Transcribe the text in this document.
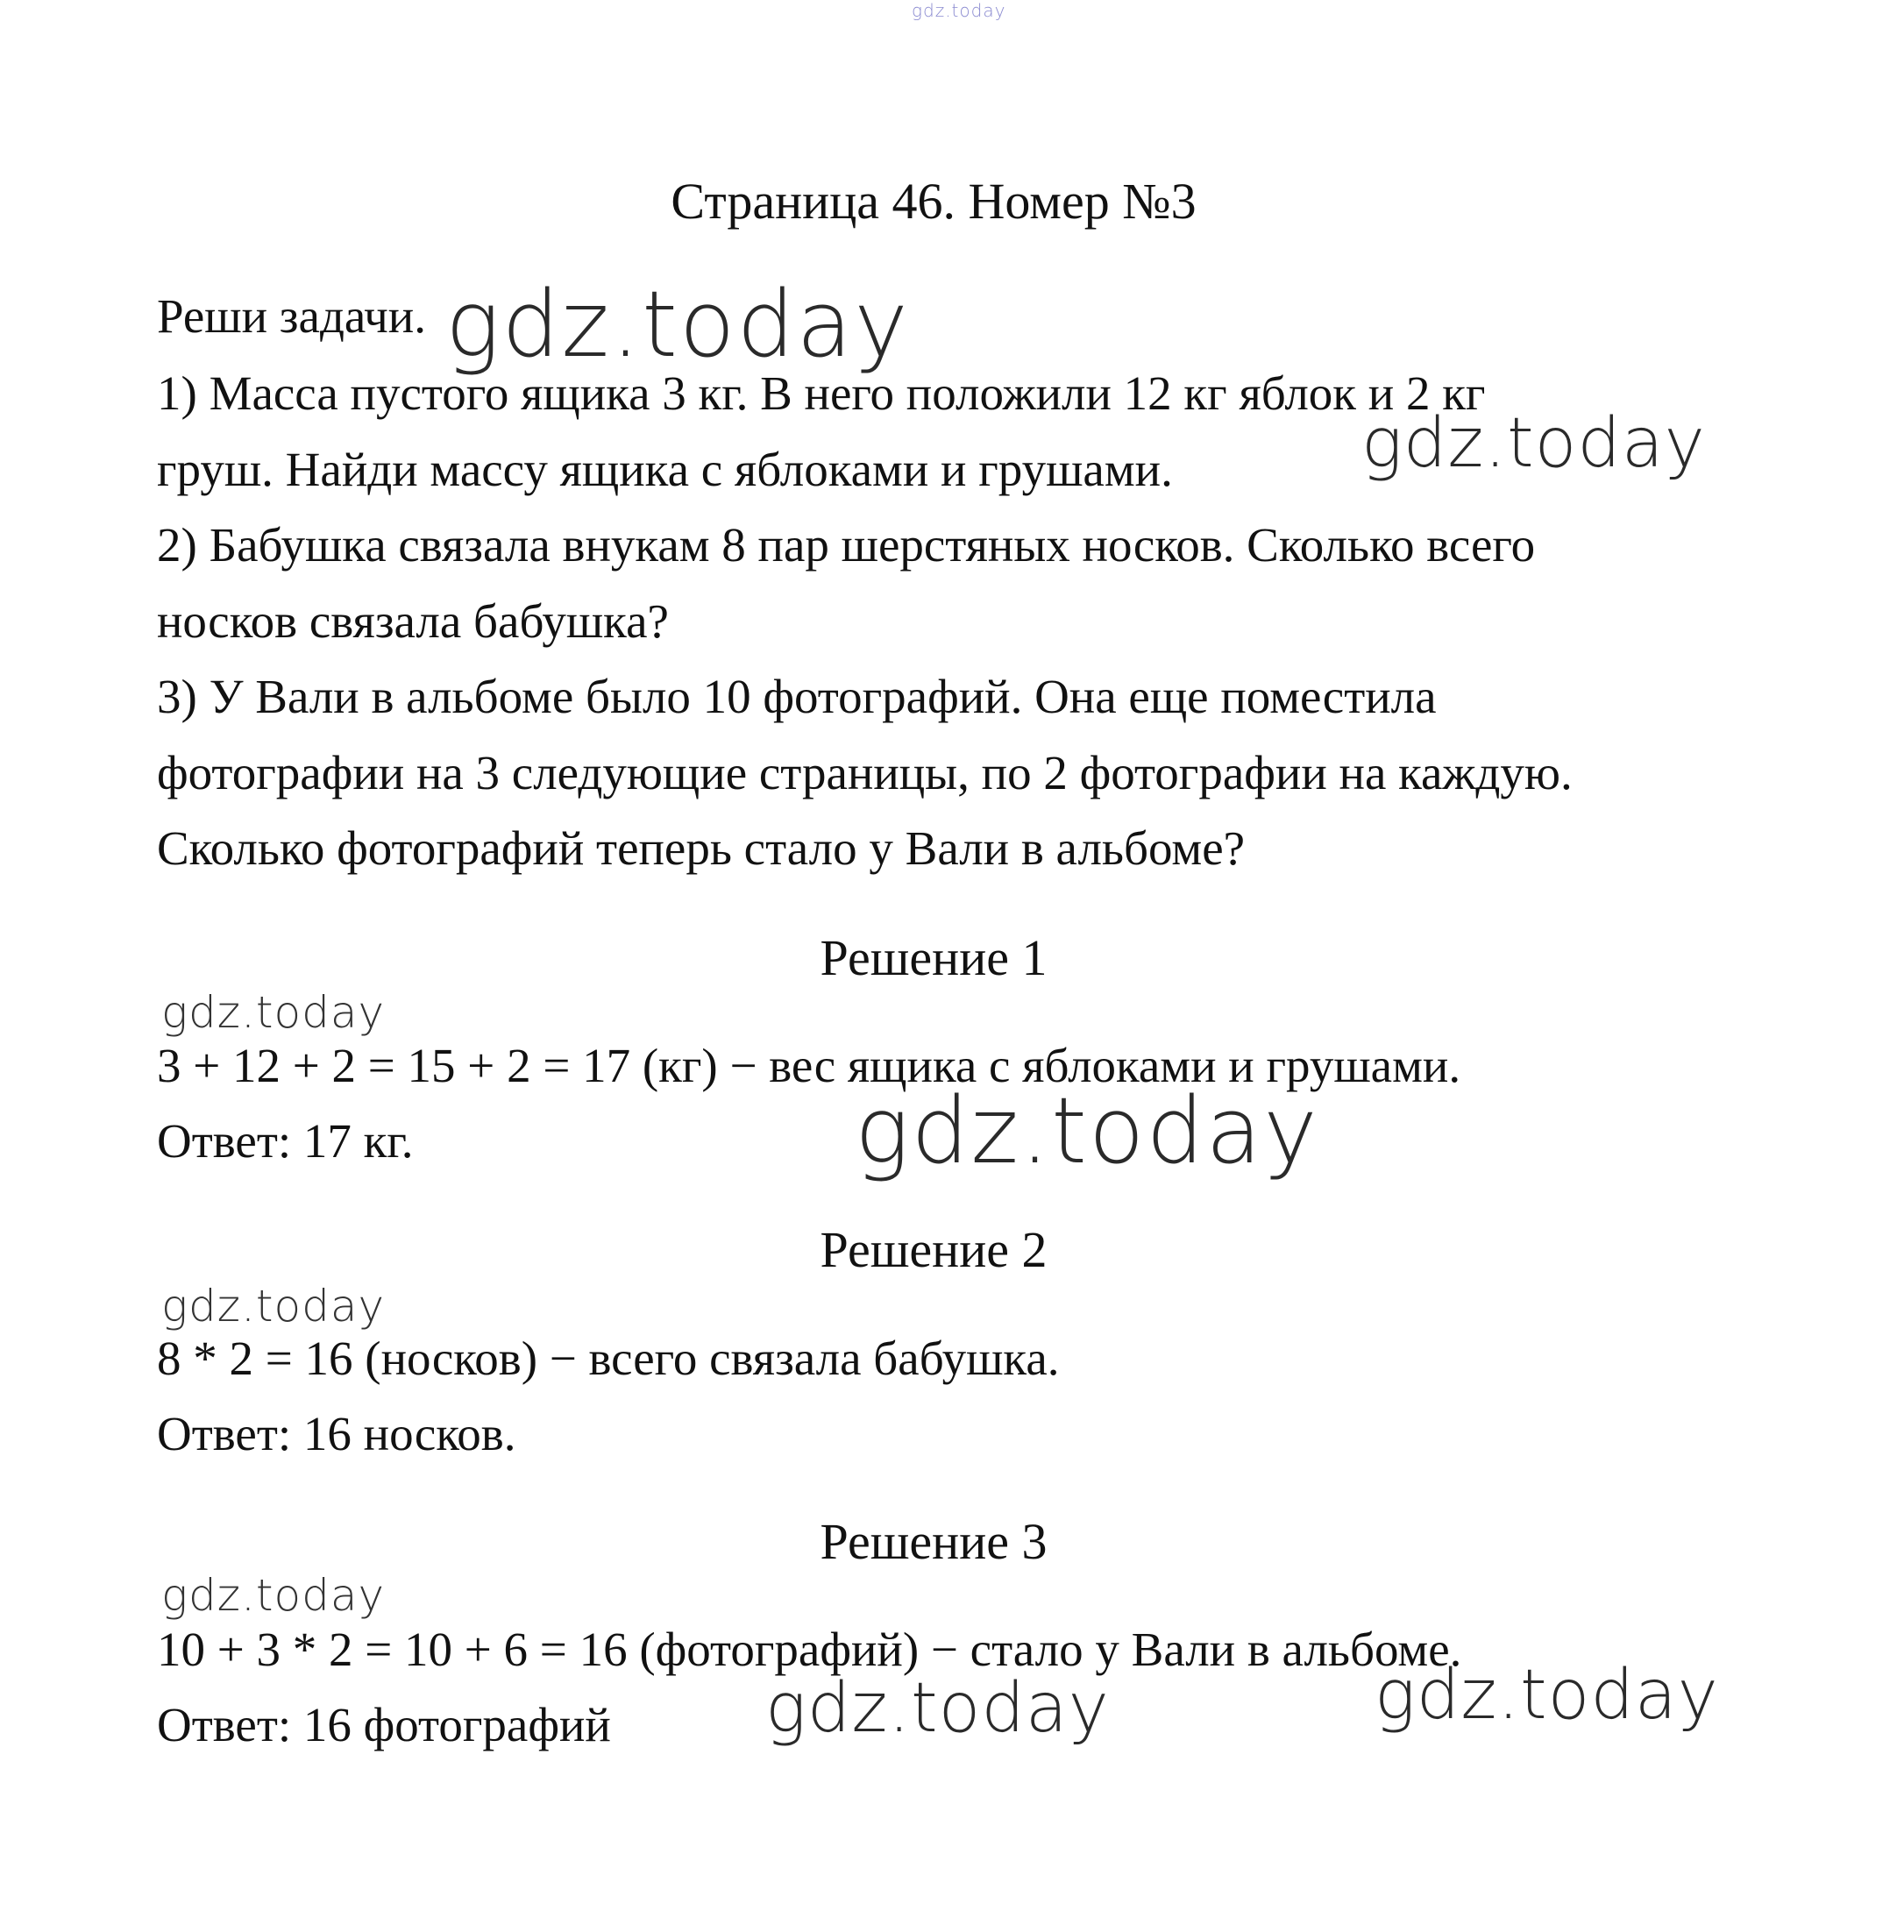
gdz.today
Страница 46. Номер №3
Реши задачи. gdz.today
1) Масса пустого ящика 3 кг. В него положили 12 кг яблок и 2 кг
gdz.today
груш. Найди массу ящика с яблоками и грушами.
2) Бабушка связала внукам 8 пар шерстяных носков. Сколько всего
носков связала бабушка?
3) У Вали в альбоме было 10 фотографий. Она еще поместила
фотографии на 3 следующие страницы, по 2 фотографии на каждую.
Сколько фотографий теперь стало у Вали в альбоме?
Решение 1
gdz.today
3 + 12 + 2 = 15 + 2 = 17 (кг) − вес ящика с яблоками и грушами.
Ответ: 17 кг.	gdz.today
Решение 2
gdz.today
8 * 2 = 16 (носков) − всего связала бабушка.
Ответ: 16 носков.
Решение 3
gdz.today
10 + 3 * 2 = 10 + 6 = 16 (фотографий) − стало у Вали в альбоме.
gdz.today
Ответ: 16 фотографий gdz.today
